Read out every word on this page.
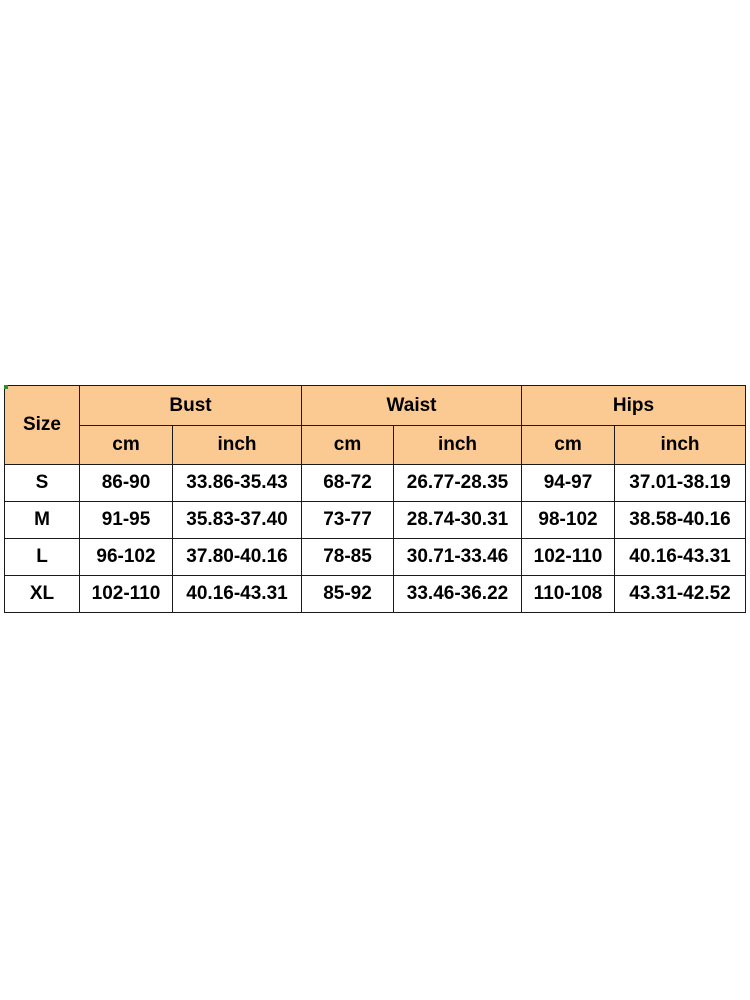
Size	Bust		Waist		Hips	
	cm	inch	cm	inch	cm	inch
S	86-90	33.86-35.43	68-72	26.77-28.35	94-97	37.01-38.19
M	91-95	35.83-37.40	73-77	28.74-30.31	98-102	38.58-40.16
L	96-102	37.80-40.16	78-85	30.71-33.46	102-110	40.16-43.31
XL	102-110	40.16-43.31	85-92	33.46-36.22	110-108	43.31-42.52
